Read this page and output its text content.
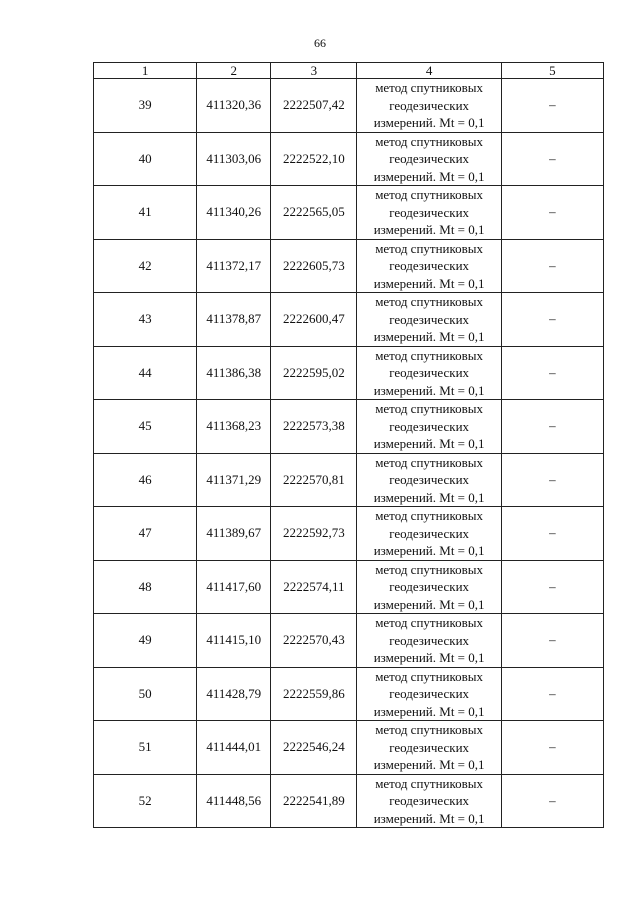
66
1	2	3	4	5
39	411320,36	2222507,42	метод спутниковых
геодезических
измерений. Mt = 0,1	–
40	411303,06	2222522,10	метод спутниковых
геодезических
измерений. Mt = 0,1	–
41	411340,26	2222565,05	метод спутниковых
геодезических
измерений. Mt = 0,1	–
42	411372,17	2222605,73	метод спутниковых
геодезических
измерений. Mt = 0,1	–
43	411378,87	2222600,47	метод спутниковых
геодезических
измерений. Mt = 0,1	–
44	411386,38	2222595,02	метод спутниковых
геодезических
измерений. Mt = 0,1	–
45	411368,23	2222573,38	метод спутниковых
геодезических
измерений. Mt = 0,1	–
46	411371,29	2222570,81	метод спутниковых
геодезических
измерений. Mt = 0,1	–
47	411389,67	2222592,73	метод спутниковых
геодезических
измерений. Mt = 0,1	–
48	411417,60	2222574,11	метод спутниковых
геодезических
измерений. Mt = 0,1	–
49	411415,10	2222570,43	метод спутниковых
геодезических
измерений. Mt = 0,1	–
50	411428,79	2222559,86	метод спутниковых
геодезических
измерений. Mt = 0,1	–
51	411444,01	2222546,24	метод спутниковых
геодезических
измерений. Mt = 0,1	–
52	411448,56	2222541,89	метод спутниковых
геодезических
измерений. Mt = 0,1	–
